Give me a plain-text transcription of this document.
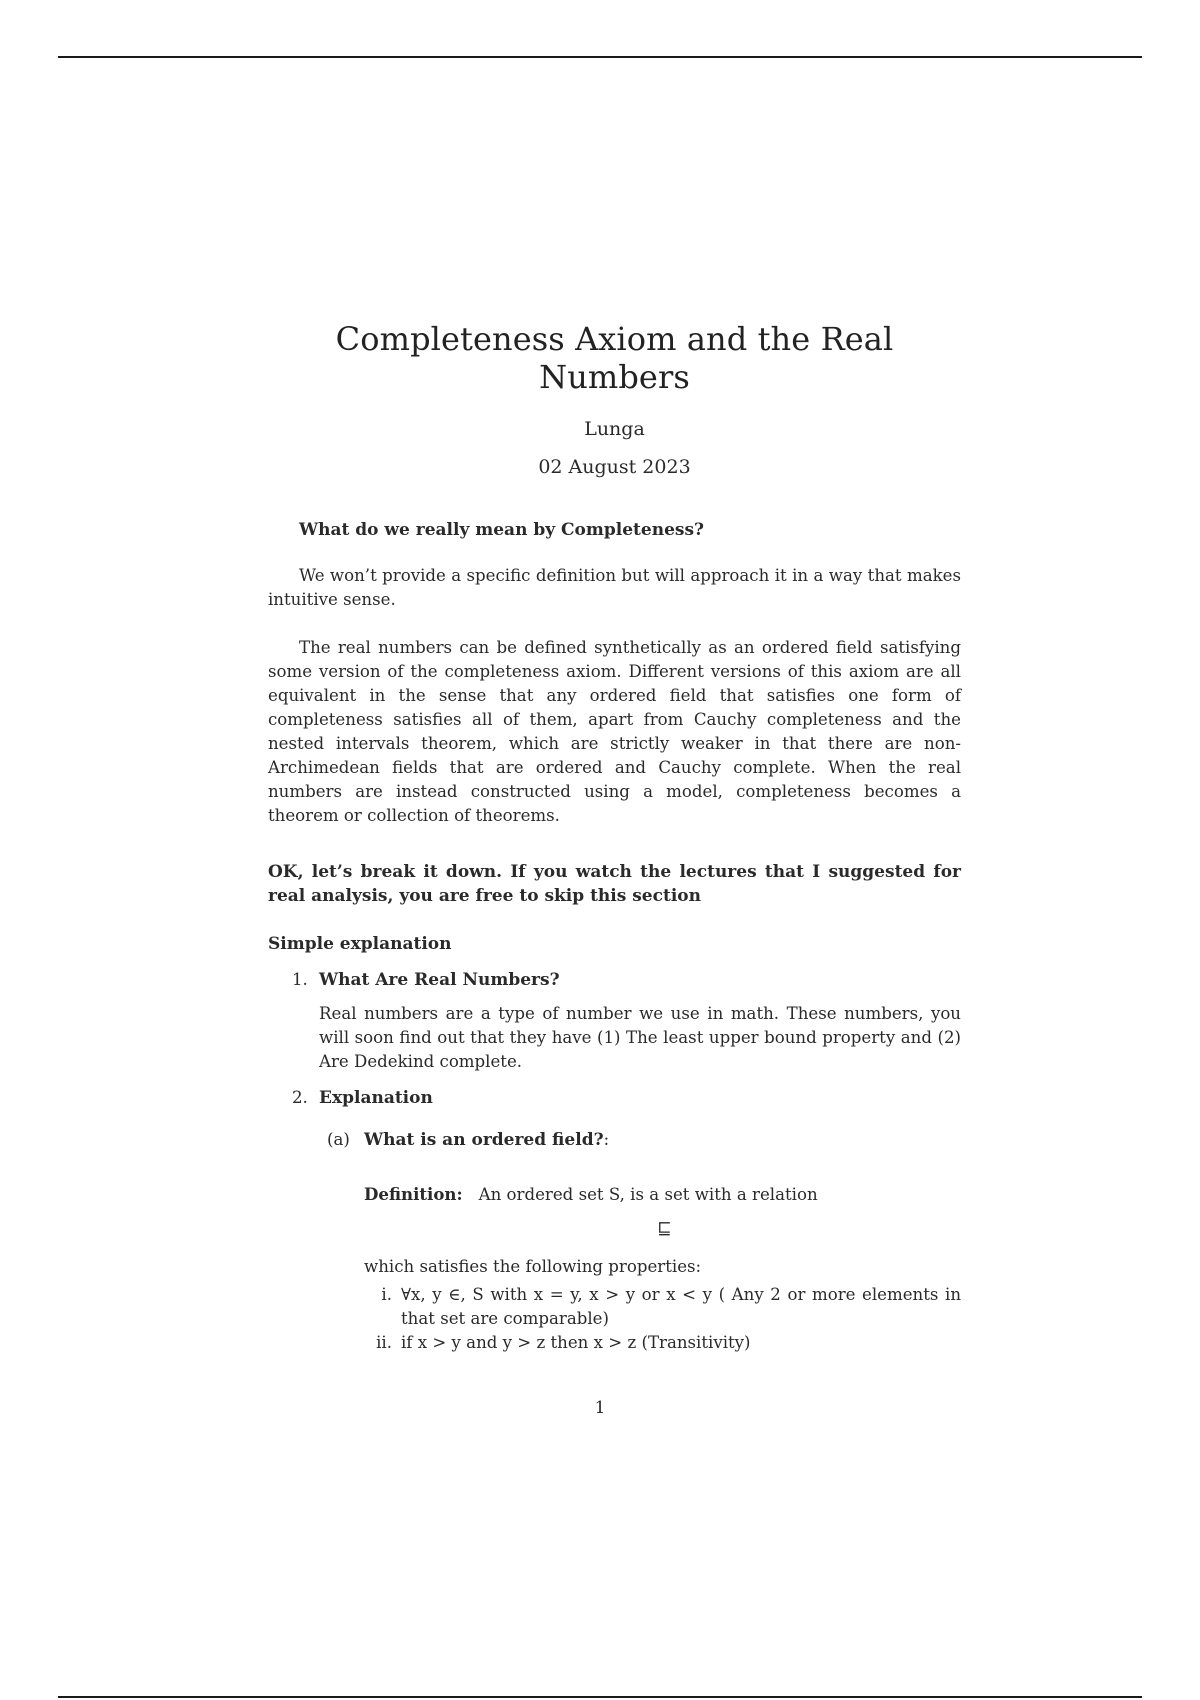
Completeness Axiom and the Real Numbers
Lunga
02 August 2023
What do we really mean by Completeness?

We won’t provide a specific definition but will approach it in a way that makes intuitive sense.

The real numbers can be defined synthetically as an ordered field satisfying some version of the completeness axiom. Different versions of this axiom are all equivalent in the sense that any ordered field that satisfies one form of completeness satisfies all of them, apart from Cauchy completeness and the nested intervals theorem, which are strictly weaker in that there are non-Archimedean fields that are ordered and Cauchy complete. When the real numbers are instead constructed using a model, completeness becomes a theorem or collection of theorems.

OK, let’s break it down. If you watch the lectures that I suggested for real analysis, you are free to skip this section
Simple explanation
1. What Are Real Numbers?

Real numbers are a type of number we use in math. These numbers, you will soon find out that they have (1) The least upper bound property and (2) Are Dedekind complete.

2. Explanation
(a) What is an ordered field?:
Definition: An ordered set S, is a set with a relation
⊑
which satisfies the following properties:
i. ∀x, y ∈, S with x = y, x > y or x < y ( Any 2 or more elements in that set are comparable)
ii. if x > y and y > z then x > z (Transitivity)
1
